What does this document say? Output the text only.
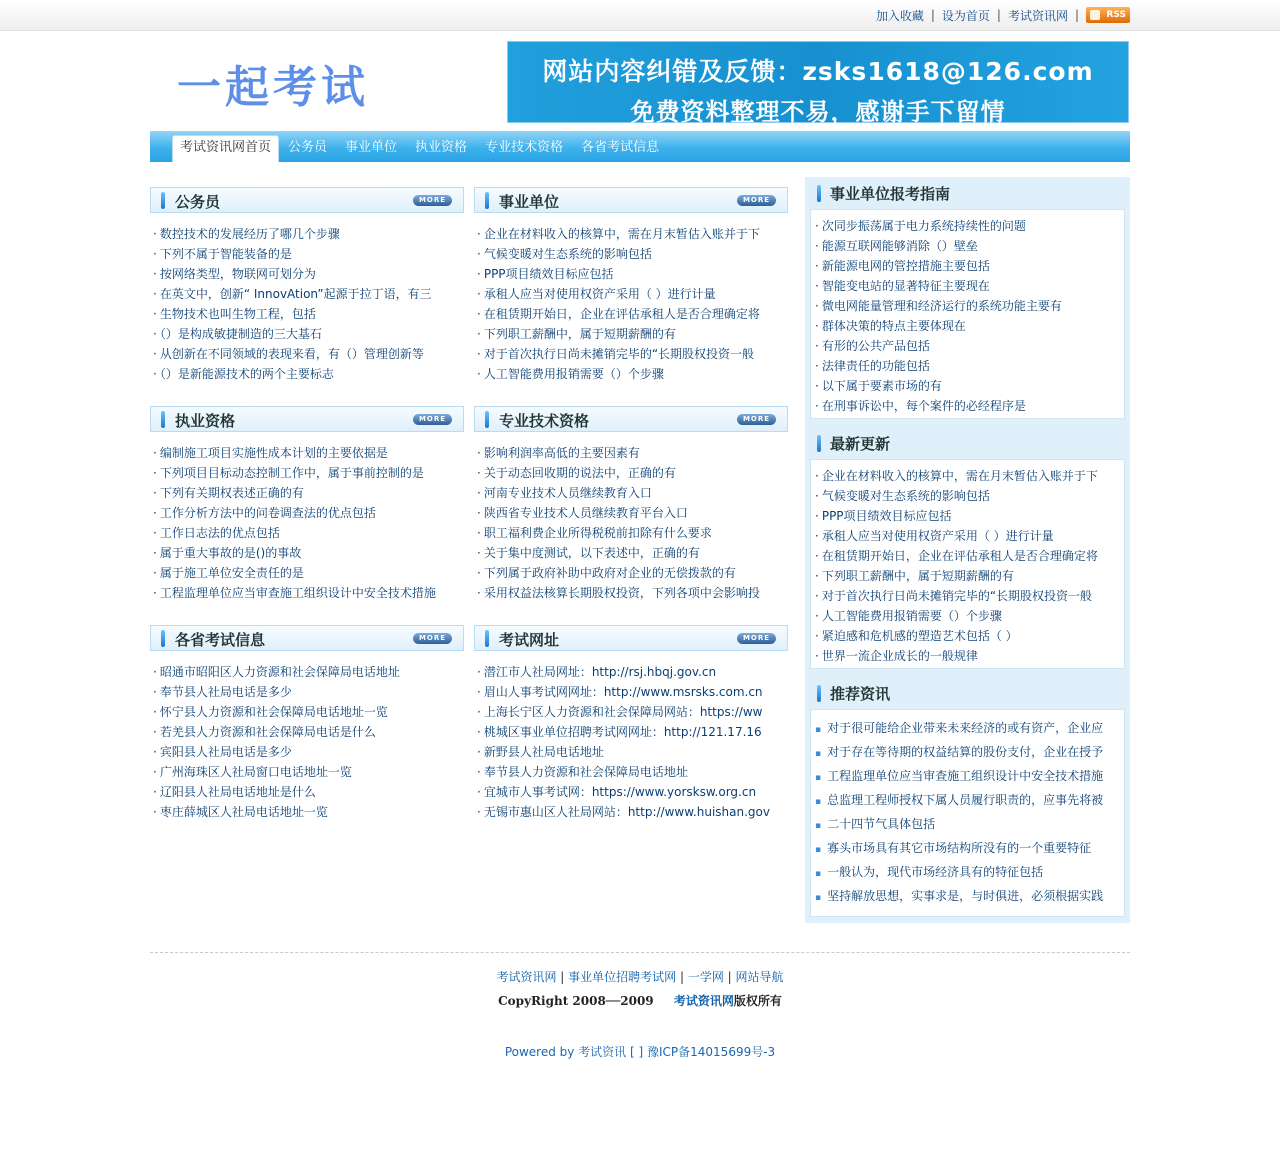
加入收藏 | 设为首页 | 考试资讯网 |	RSS
一起考试	网站内容纠错及反馈：zsks1618@126.com
免费资料整理不易，感谢手下留情
考试资讯网首页	公务员	事业单位	执业资格	专业技术资格	各省考试信息
公务员	MORE
· 数控技术的发展经历了哪几个步骤
· 下列不属于智能装备的是
· 按网络类型，物联网可划分为
· 在英文中，创新“ InnovAtion”起源于拉丁语，有三
· 生物技术也叫生物工程，包括
· （）是构成敏捷制造的三大基石
· 从创新在不同领域的表现来看，有（）管理创新等
· （）是新能源技术的两个主要标志
事业单位	MORE
· 企业在材料收入的核算中，需在月末暂估入账并于下
· 气候变暖对生态系统的影响包括
· PPP项目绩效目标应包括
· 承租人应当对使用权资产采用（ ）进行计量
· 在租赁期开始日，企业在评估承租人是否合理确定将
· 下列职工薪酬中，属于短期薪酬的有
· 对于首次执行日尚未摊销完毕的“长期股权投资一般
· 人工智能费用报销需要（）个步骤
执业资格	MORE
· 编制施工项目实施性成本计划的主要依据是
· 下列项目目标动态控制工作中，属于事前控制的是
· 下列有关期权表述正确的有
· 工作分析方法中的问卷调查法的优点包括
· 工作日志法的优点包括
· 属于重大事故的是()的事故
· 属于施工单位安全责任的是
· 工程监理单位应当审查施工组织设计中安全技术措施
专业技术资格	MORE
· 影响利润率高低的主要因素有
· 关于动态回收期的说法中，正确的有
· 河南专业技术人员继续教育入口
· 陕西省专业技术人员继续教育平台入口
· 职工福利费企业所得税税前扣除有什么要求
· 关于集中度测试，以下表述中，正确的有
· 下列属于政府补助中政府对企业的无偿拨款的有
· 采用权益法核算长期股权投资，下列各项中会影响投
各省考试信息	MORE
· 昭通市昭阳区人力资源和社会保障局电话地址
· 奉节县人社局电话是多少
· 怀宁县人力资源和社会保障局电话地址一览
· 若羌县人力资源和社会保障局电话是什么
· 宾阳县人社局电话是多少
· 广州海珠区人社局窗口电话地址一览
· 辽阳县人社局电话地址是什么
· 枣庄薛城区人社局电话地址一览
考试网址	MORE
· 潜江市人社局网址：http://rsj.hbqj.gov.cn
· 眉山人事考试网网址：http://www.msrsks.com.cn
· 上海长宁区人力资源和社会保障局网站：https://ww
· 桃城区事业单位招聘考试网网址：http://121.17.16
· 新野县人社局电话地址
· 奉节县人力资源和社会保障局电话地址
· 宜城市人事考试网：https://www.yorsksw.org.cn
· 无锡市惠山区人社局网站：http://www.huishan.gov
事业单位报考指南
· 次同步振荡属于电力系统持续性的问题
· 能源互联网能够消除（）壁垒
· 新能源电网的管控措施主要包括
· 智能变电站的显著特征主要现在
· 微电网能量管理和经济运行的系统功能主要有
· 群体决策的特点主要体现在
· 有形的公共产品包括
· 法律责任的功能包括
· 以下属于要素市场的有
· 在刑事诉讼中，每个案件的必经程序是
最新更新
· 企业在材料收入的核算中，需在月末暂估入账并于下
· 气候变暖对生态系统的影响包括
· PPP项目绩效目标应包括
· 承租人应当对使用权资产采用（ ）进行计量
· 在租赁期开始日，企业在评估承租人是否合理确定将
· 下列职工薪酬中，属于短期薪酬的有
· 对于首次执行日尚未摊销完毕的“长期股权投资一般
· 人工智能费用报销需要（）个步骤
· 紧迫感和危机感的塑造艺术包括（ ）
· 世界一流企业成长的一般规律
推荐资讯
▪ 对于很可能给企业带来未来经济的或有资产，企业应
▪ 对于存在等待期的权益结算的股份支付，企业在授予
▪ 工程监理单位应当审查施工组织设计中安全技术措施
▪ 总监理工程师授权下属人员履行职责的，应事先将被
▪ 二十四节气具体包括
▪ 寡头市场具有其它市场结构所没有的一个重要特征
▪ 一般认为，现代市场经济具有的特征包括
▪ 坚持解放思想，实事求是，与时俱进，必须根据实践
考试资讯网 | 事业单位招聘考试网 | 一学网 | 网站导航
CopyRight 2008──2009 考试资讯网版权所有
Powered by 考试资讯 [ ] 豫ICP备14015699号-3
